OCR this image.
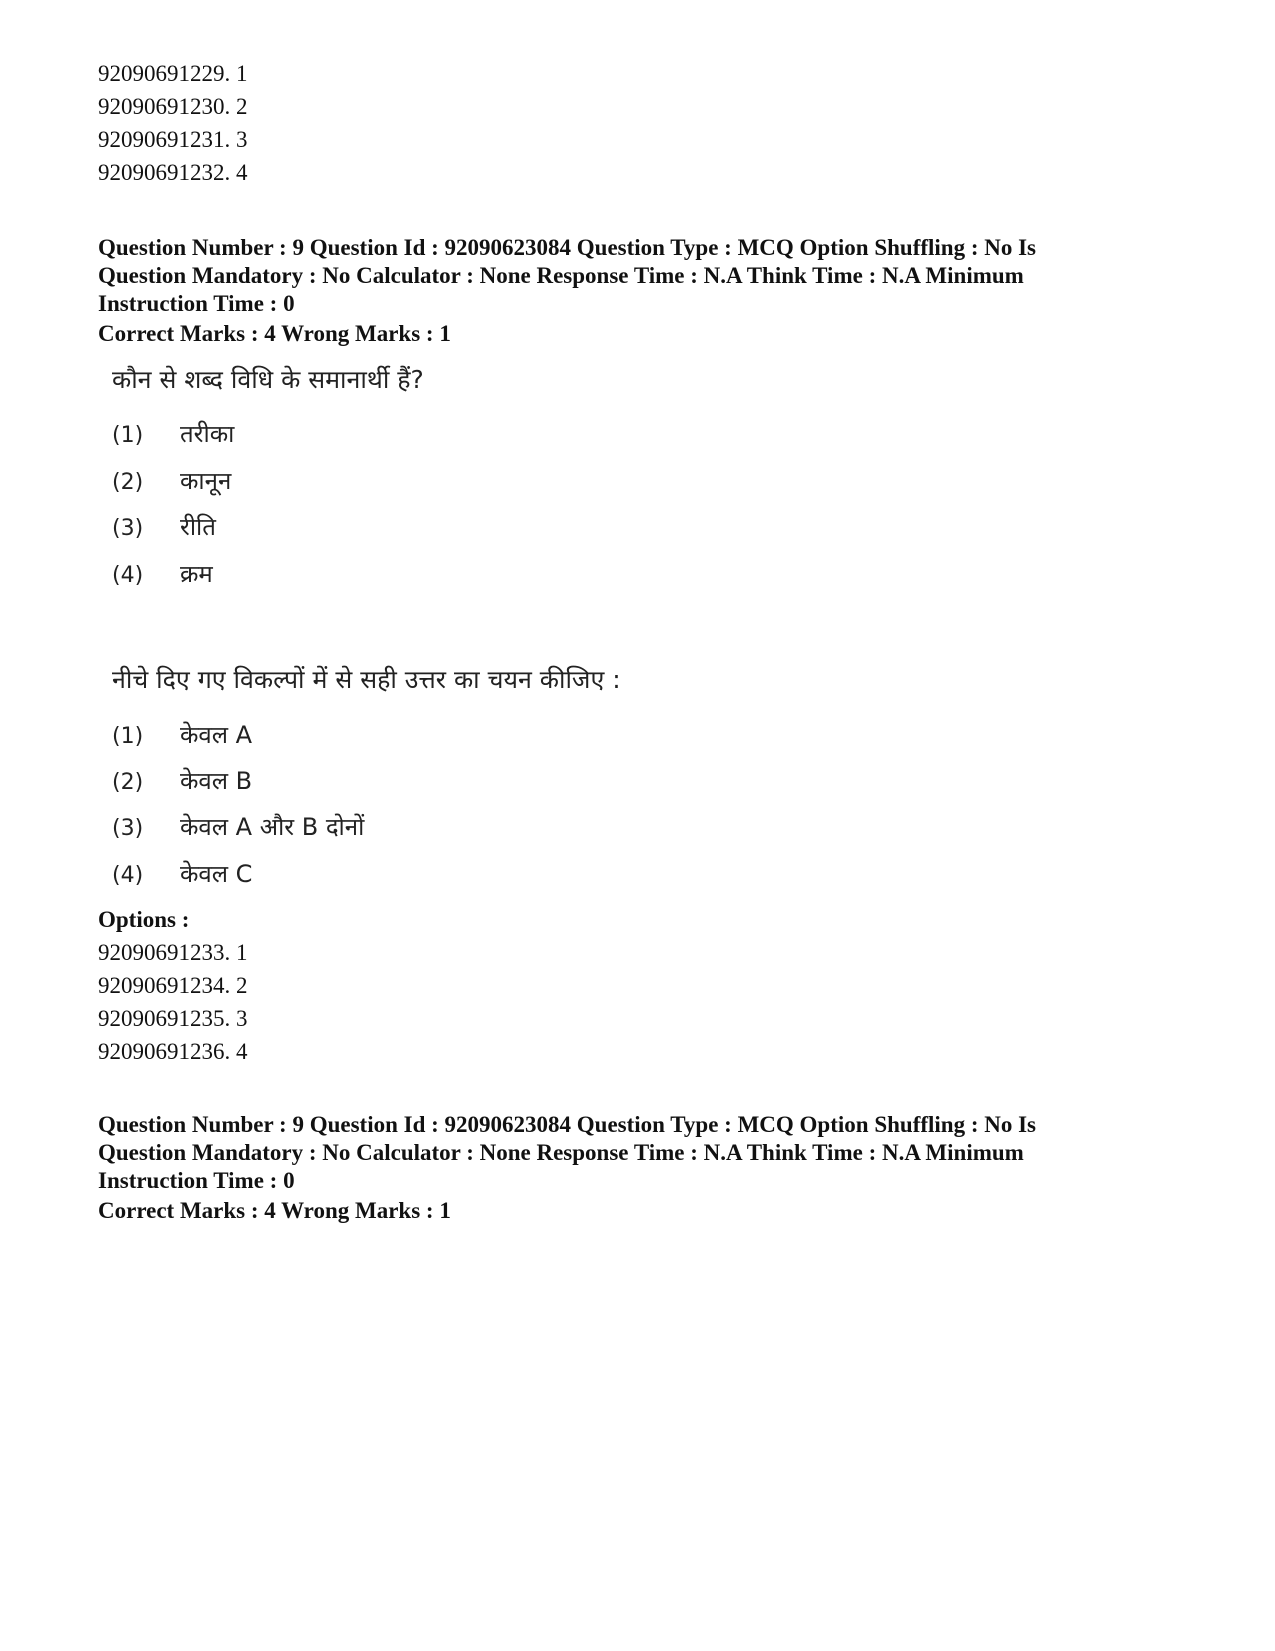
92090691229. 1
92090691230. 2
92090691231. 3
92090691232. 4
Question Number : 9 Question Id : 92090623084 Question Type : MCQ Option Shuffling : No Is
Question Mandatory : No Calculator : None Response Time : N.A Think Time : N.A Minimum
Instruction Time : 0
Correct Marks : 4 Wrong Marks : 1
कौन से शब्द विधि के समानार्थी हैं?
(1) तरीका
(2) कानून
(3) रीति
(4) क्रम
नीचे दिए गए विकल्पों में से सही उत्तर का चयन कीजिए :
(1) केवल A
(2) केवल B
(3) केवल A और B दोनों
(4) केवल C
Options :
92090691233. 1
92090691234. 2
92090691235. 3
92090691236. 4
Question Number : 9 Question Id : 92090623084 Question Type : MCQ Option Shuffling : No Is
Question Mandatory : No Calculator : None Response Time : N.A Think Time : N.A Minimum
Instruction Time : 0
Correct Marks : 4 Wrong Marks : 1
